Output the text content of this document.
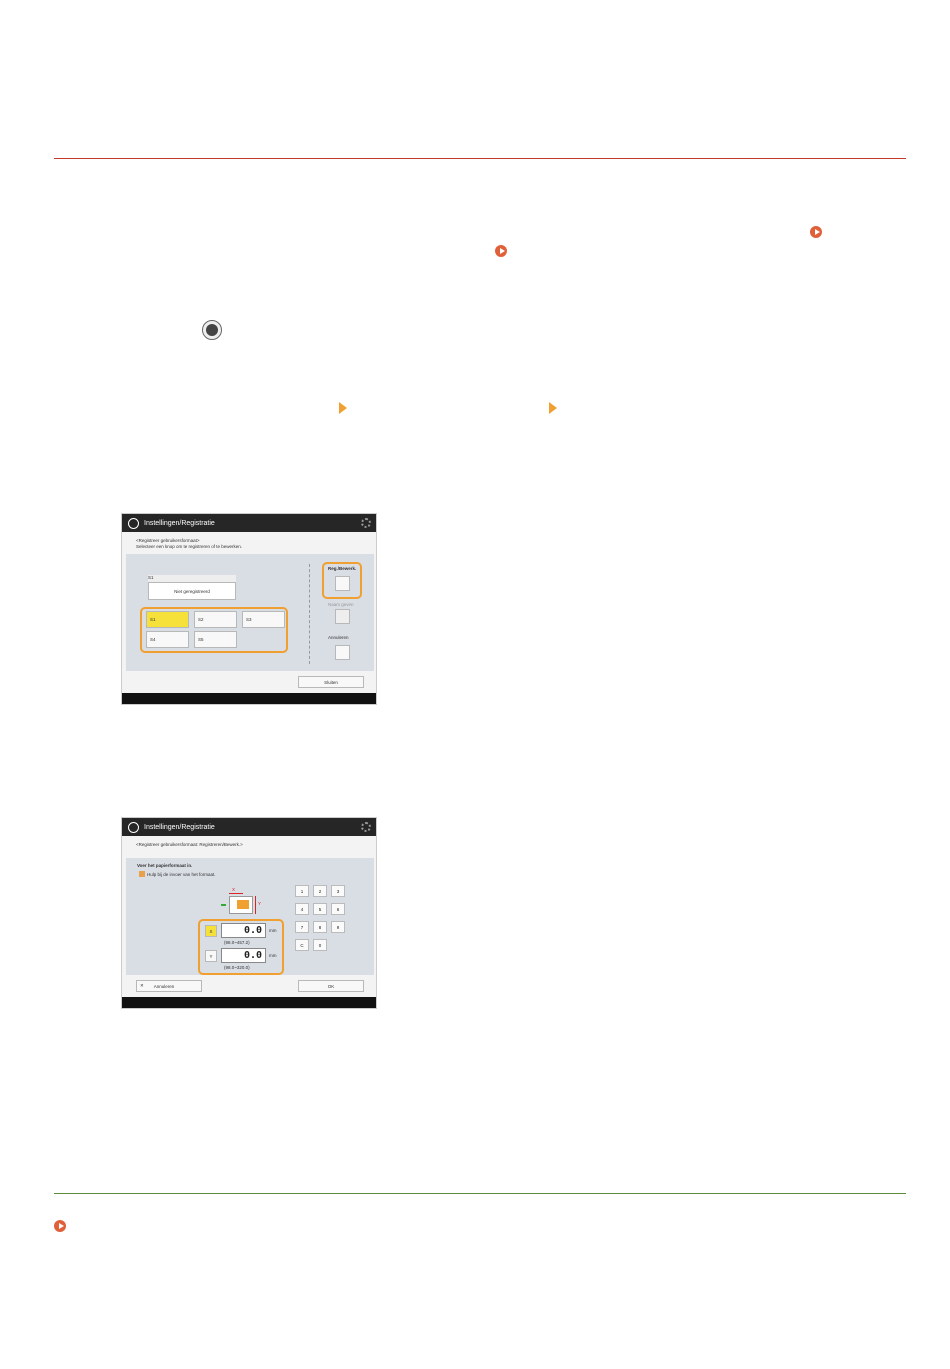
Instellingen/Registratie
<Registreer gebruikersformaat>
Selecteer een knop om te registreren of te bewerken.
S1
Niet geregistreerd
S1	S2	S3
S4	S5
Reg./Bewerk.
Naam geven
Annuleren
Sluiten
Instellingen/Registratie
<Registreer gebruikersformaat: Registreren/Bewerk.>
Voer het papierformaat in.
Hulp bij de invoer van het formaat.
X
Y
X	0.0	mm
(98.0~457.2)
Y	0.0	mm
(98.0~320.0)
1	2	3
4	5	6
7	8	9
C	0
✕ Annuleren	OK
